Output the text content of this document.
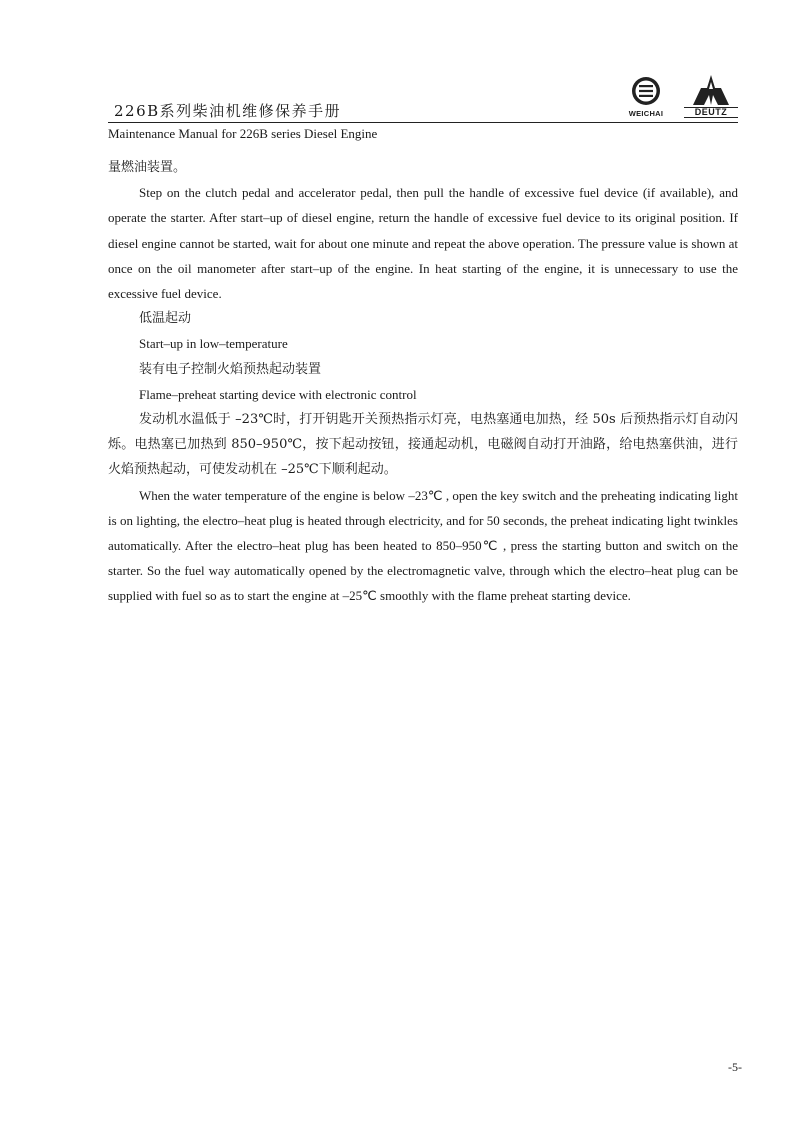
226B系列柴油机维修保养手册	WEICHAI	DEUTZ
Maintenance Manual for 226B series Diesel Engine

量燃油装置。

Step on the clutch pedal and accelerator pedal, then pull the handle of excessive fuel device (if available), and operate the starter. After start–up of diesel engine, return the handle of excessive fuel device to its original position. If diesel engine cannot be started, wait for about one minute and repeat the above operation. The pressure value is shown at once on the oil manometer after start–up of the engine. In heat starting of the engine, it is unnecessary to use the excessive fuel device.

低温起动

Start–up in low–temperature

装有电子控制火焰预热起动装置

Flame–preheat starting device with electronic control

发动机水温低于 –23℃时，打开钥匙开关预热指示灯亮，电热塞通电加热，经 50s 后预热指示灯自动闪烁。电热塞已加热到 850–950℃，按下起动按钮，接通起动机，电磁阀自动打开油路，给电热塞供油，进行火焰预热起动，可使发动机在 –25℃下顺利起动。

When the water temperature of the engine is below –23℃ , open the key switch and the preheating indicating light is on lighting, the electro–heat plug is heated through electricity, and for 50 seconds, the preheat indicating light twinkles automatically. After the electro–heat plug has been heated to 850–950℃ , press the starting button and switch on the starter. So the fuel way automatically opened by the electromagnetic valve, through which the electro–heat plug can be supplied with fuel so as to start the engine at –25℃ smoothly with the flame preheat starting device.

-5-
